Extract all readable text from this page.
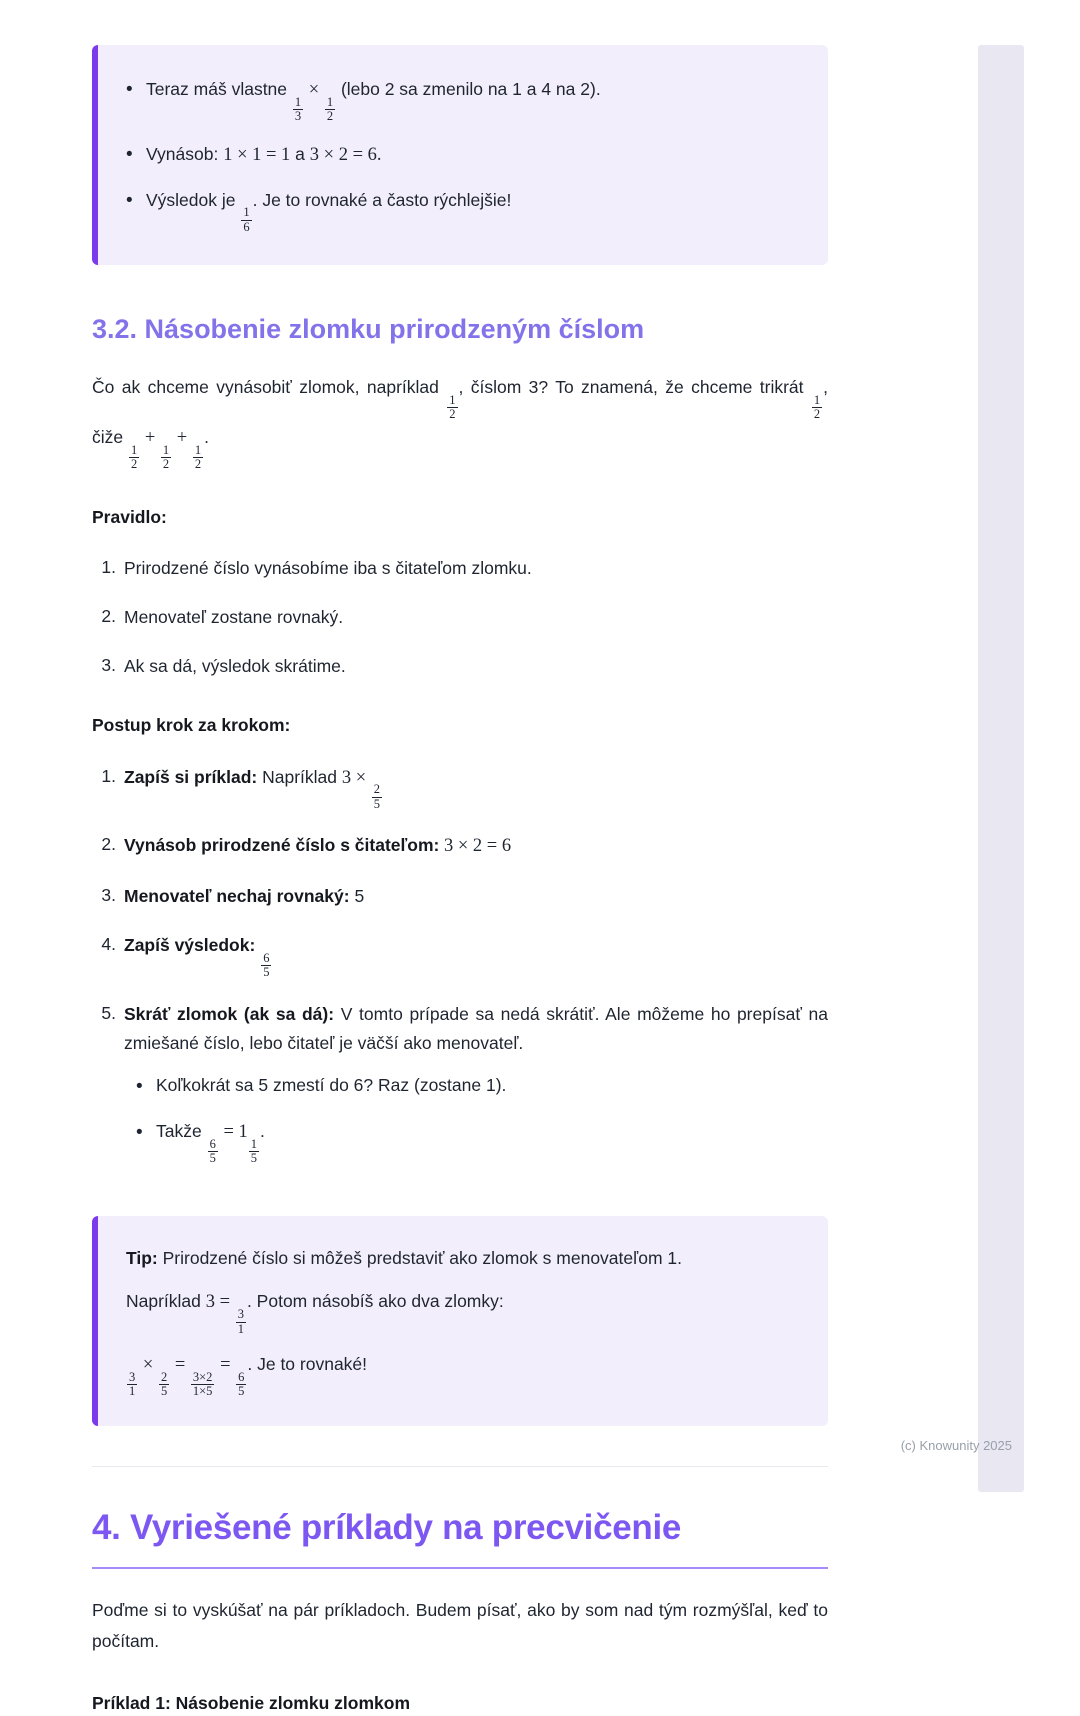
•
Teraz máš vlastne
$\frac{1}{3}$
×
$\frac{1}{2}$
(lebo 2 sa zmenilo na 1 a 4 na 2).
•
Vynásob: 1 × 1 = 1 a 3 × 2 = 6.
•
Výsledok je
$\frac{1}{6}$
. Je to rovnaké a často rýchlejšie!
3.2. Násobenie zlomku prirodzeným číslom
Čo ak chceme vynásobiť zlomok, napríklad
$\frac{1}{2}$
, číslom 3? To znamená, že chceme trikrát
$\frac{1}{2}$
, čiže
$\frac{1}{2}$
+
$\frac{1}{2}$
+
$\frac{1}{2}$
.
Pravidlo:
1. Prirodzené číslo vynásobíme iba s čitateľom zlomku.
2. Menovateľ zostane rovnaký.
3. Ak sa dá, výsledok skrátime.
Postup krok za krokom:
1. Zapíš si príklad: Napríklad 3 ×
$\frac{2}{5}$
2. Vynásob prirodzené číslo s čitateľom: 3 × 2 = 6
3. Menovateľ nechaj rovnaký: 5
4. Zapíš výsledok:
$\frac{6}{5}$
5. Skráť zlomok (ak sa dá): V tomto prípade sa nedá skrátiť. Ale môžeme ho prepísať na zmiešané číslo, lebo čitateľ je väčší ako menovateľ.
•
Koľkokrát sa 5 zmestí do 6? Raz (zostane 1).
•
Takže
$\frac{6}{5}$
= 1
$\frac{1}{5}$
.
Tip: Prirodzené číslo si môžeš predstaviť ako zlomok s menovateľom 1.
Napríklad 3 =
$\frac{3}{1}$
. Potom násobíš ako dva zlomky:
$\frac{3}{1}$
×
$\frac{2}{5}$
=
$\frac{3\times 2}{1\times 5}$
=
$\frac{6}{5}$
. Je to rovnaké!
4. Vyriešené príklady na precvičenie
Poďme si to vyskúšať na pár príkladoch. Budem písať, ako by som nad tým rozmýšľal, keď to počítam.
Príklad 1: Násobenie zlomku zlomkom
(c) Knowunity 2025
